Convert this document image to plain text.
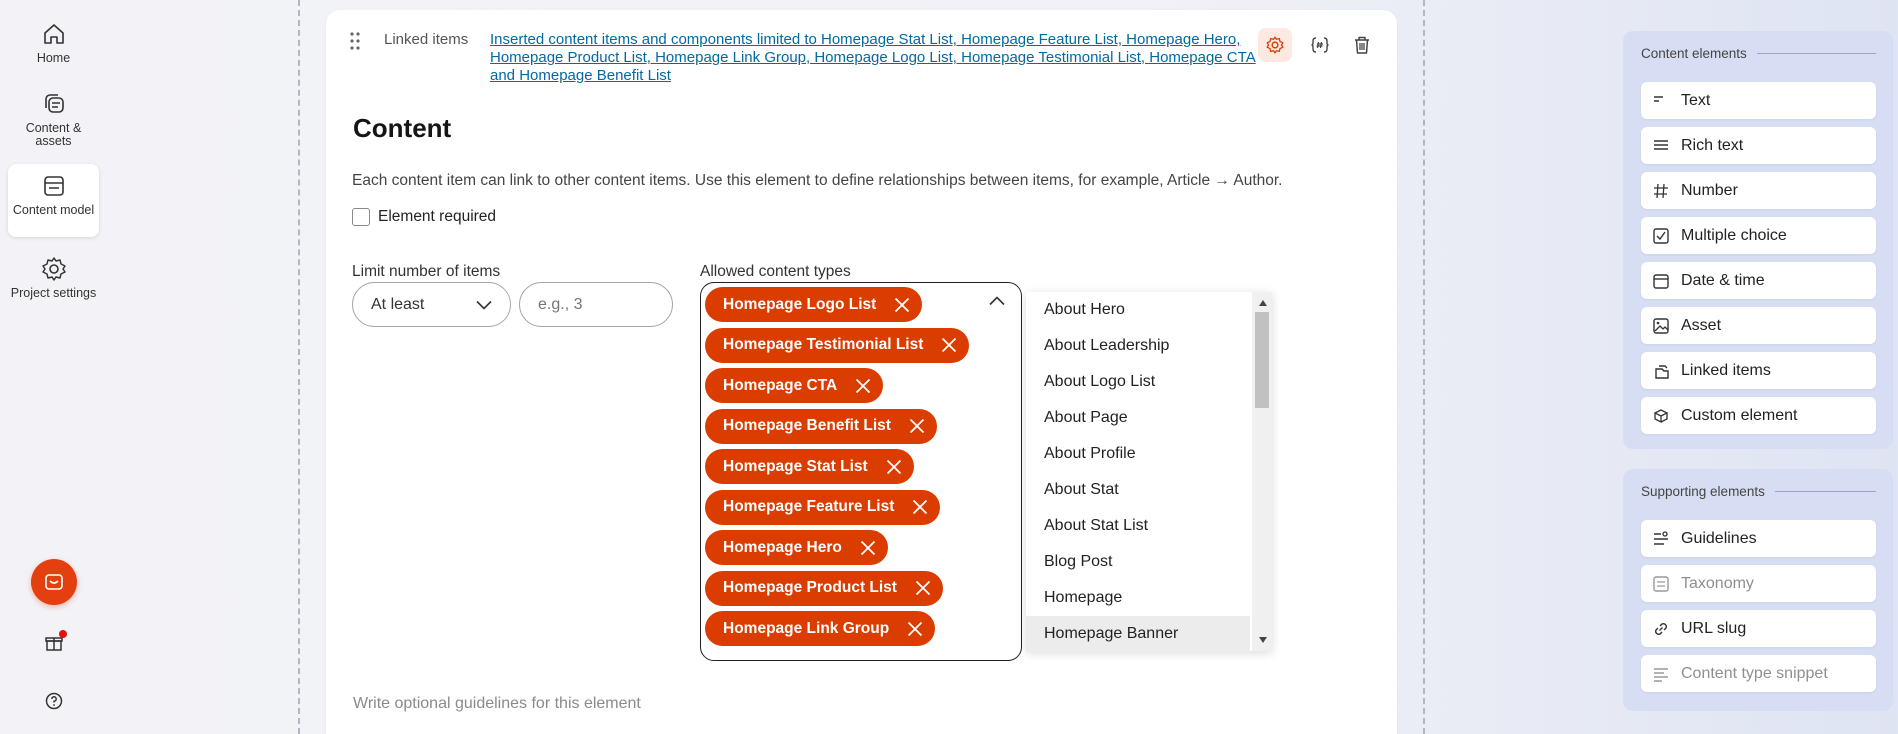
Home
Content & assets
Content model
Project settings
Linked items Inserted content items and components limited to Homepage Stat List, Homepage Feature List, Homepage Hero, Homepage Product List, Homepage Link Group, Homepage Logo List, Homepage Testimonial List, Homepage CTA and Homepage Benefit List
Content
Each content item can link to other content items. Use this element to define relationships between items, for example, Article → Author.
Element required
Limit number of items	Allowed content types
At least
e.g., 3	Homepage Logo List
Homepage Testimonial List
Homepage CTA
Homepage Benefit List
Homepage Stat List
Homepage Feature List
Homepage Hero
Homepage Product List
Homepage Link Group
Write optional guidelines for this element
About Hero
About Leadership
About Logo List
About Page
About Profile
About Stat
About Stat List
Blog Post
Homepage
Homepage Banner
Content elements
Text
Rich text
Number
Multiple choice
Date & time
Asset
Linked items
Custom element
Supporting elements
Guidelines
Taxonomy
URL slug
Content type snippet
